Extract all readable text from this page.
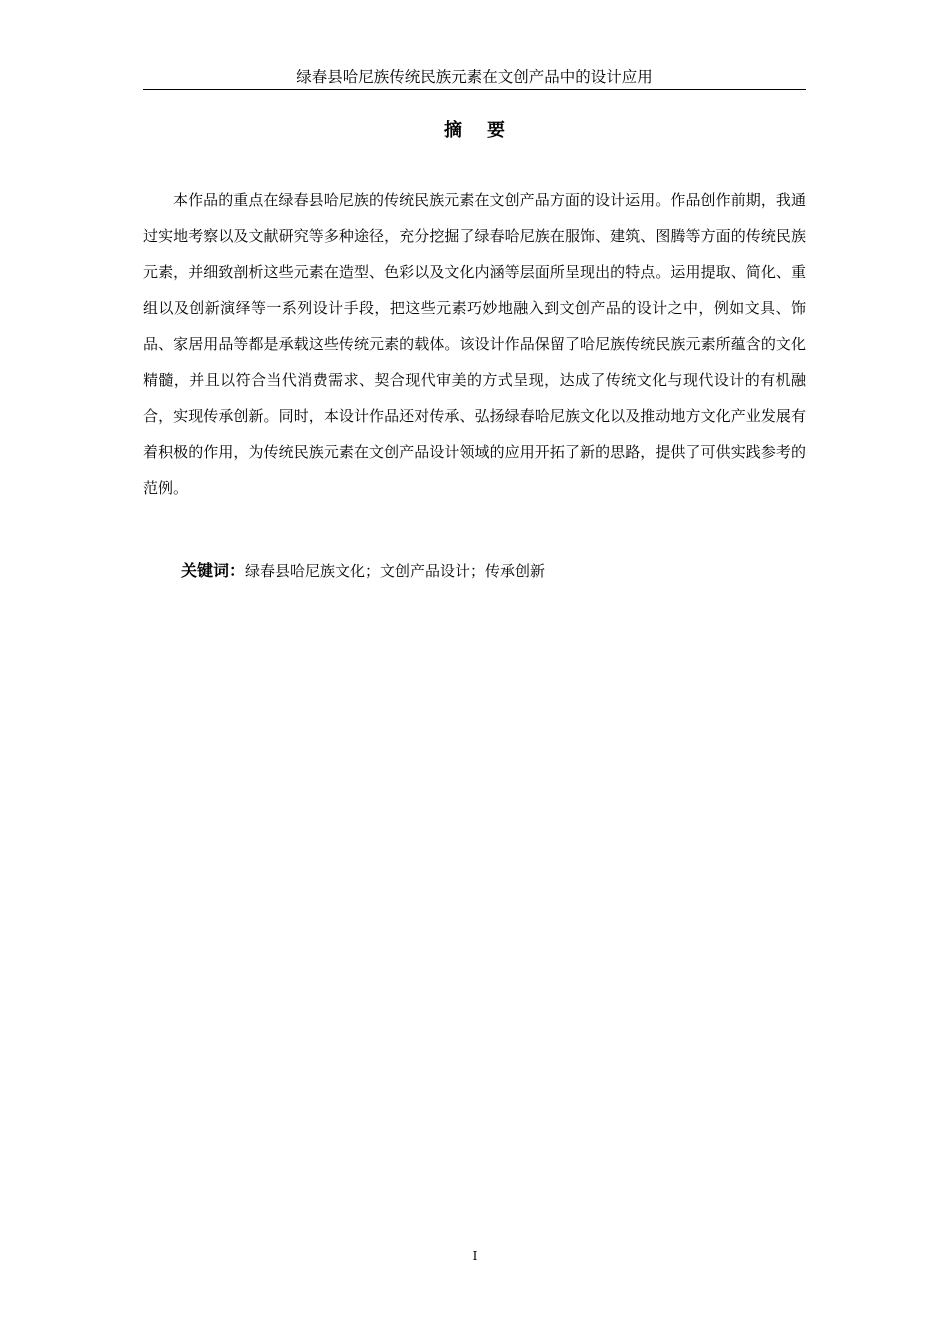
绿春县哈尼族传统民族元素在文创产品中的设计应用
摘    要

本作品的重点在绿春县哈尼族的传统民族元素在文创产品方面的设计运用。作品创作前期，我通过实地考察以及文献研究等多种途径，充分挖掘了绿春哈尼族在服饰、建筑、图腾等方面的传统民族元素，并细致剖析这些元素在造型、色彩以及文化内涵等层面所呈现出的特点。运用提取、简化、重组以及创新演绎等一系列设计手段，把这些元素巧妙地融入到文创产品的设计之中，例如文具、饰品、家居用品等都是承载这些传统元素的载体。该设计作品保留了哈尼族传统民族元素所蕴含的文化精髓，并且以符合当代消费需求、契合现代审美的方式呈现，达成了传统文化与现代设计的有机融合，实现传承创新。同时，本设计作品还对传承、弘扬绿春哈尼族文化以及推动地方文化产业发展有着积极的作用，为传统民族元素在文创产品设计领域的应用开拓了新的思路，提供了可供实践参考的范例。

关键词：绿春县哈尼族文化；文创产品设计；传承创新

I
